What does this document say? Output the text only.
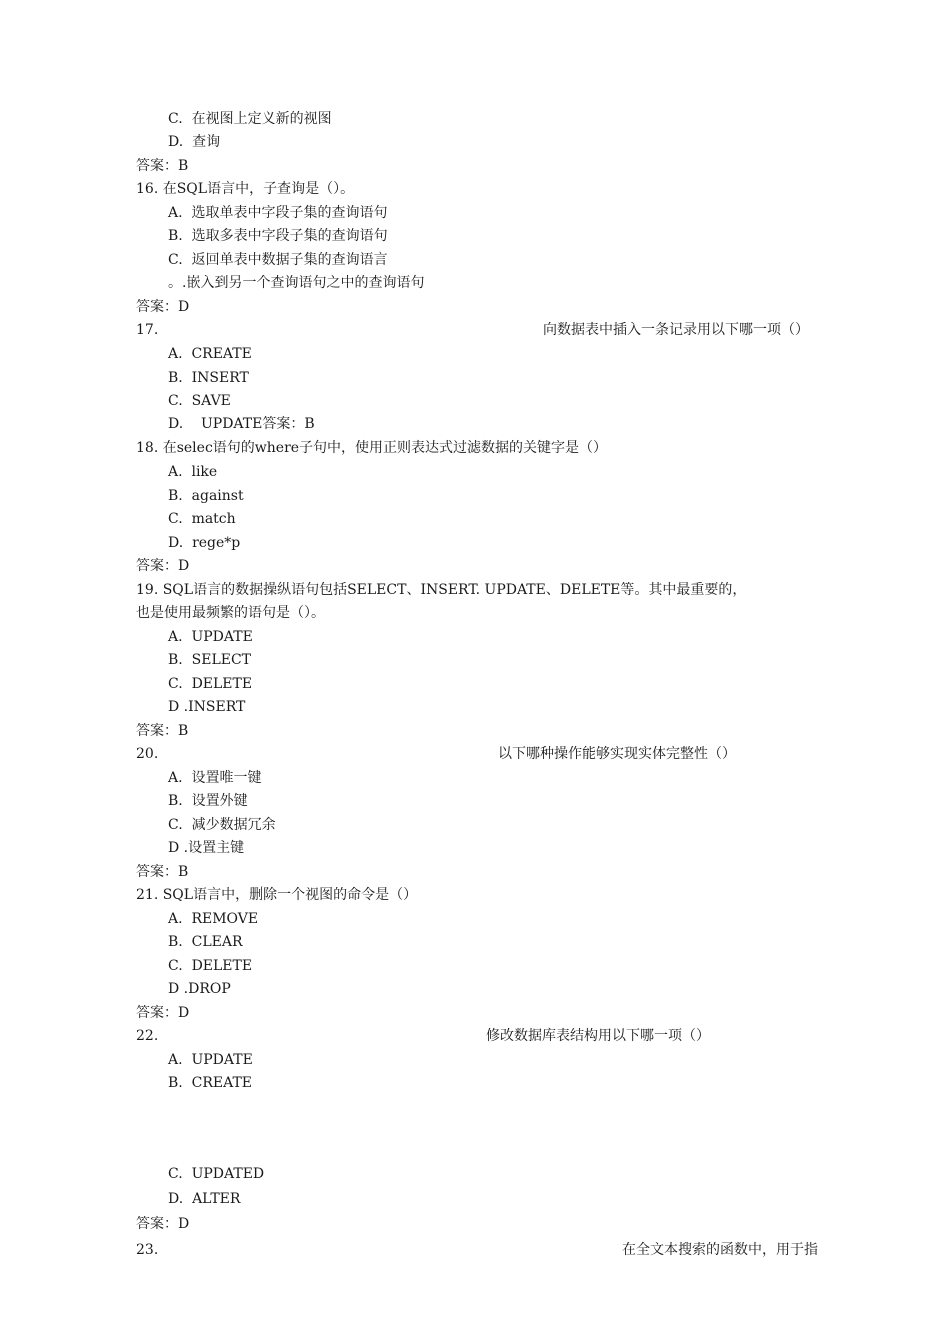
C.  在视图上定义新的视图
D.  查询
答案：B
16. 在SQL语言中，子查询是（）。
A.  选取单表中字段子集的查询语句
B.  选取多表中字段子集的查询语句
C.  返回单表中数据子集的查询语言
。.嵌入到另一个查询语句之中的查询语句
答案：D
17.	向数据表中插入一条记录用以下哪一项（）
A.  CREATE
B.  INSERT
C.  SAVE
D.    UPDATE答案：B
18. 在selec语句的where子句中，使用正则表达式过滤数据的关键字是（）
A.  like
B.  against
C.  match
D.  rege*p
答案：D
19. SQL语言的数据操纵语句包括SELECT、INSERT. UPDATE、DELETE等。其中最重要的，
也是使用最频繁的语句是（）。
A.  UPDATE
B.  SELECT
C.  DELETE
D .INSERT
答案：B
20.	以下哪种操作能够实现实体完整性（）
A.  设置唯一键
B.  设置外键
C.  减少数据冗余
D .设置主键
答案：B
21. SQL语言中，删除一个视图的命令是（）
A.  REMOVE
B.  CLEAR
C.  DELETE
D .DROP
答案：D
22.	修改数据库表结构用以下哪一项（）
A.  UPDATE
B.  CREATE
C.  UPDATED
D.  ALTER
答案：D
23.	在全文本搜索的函数中，用于指
